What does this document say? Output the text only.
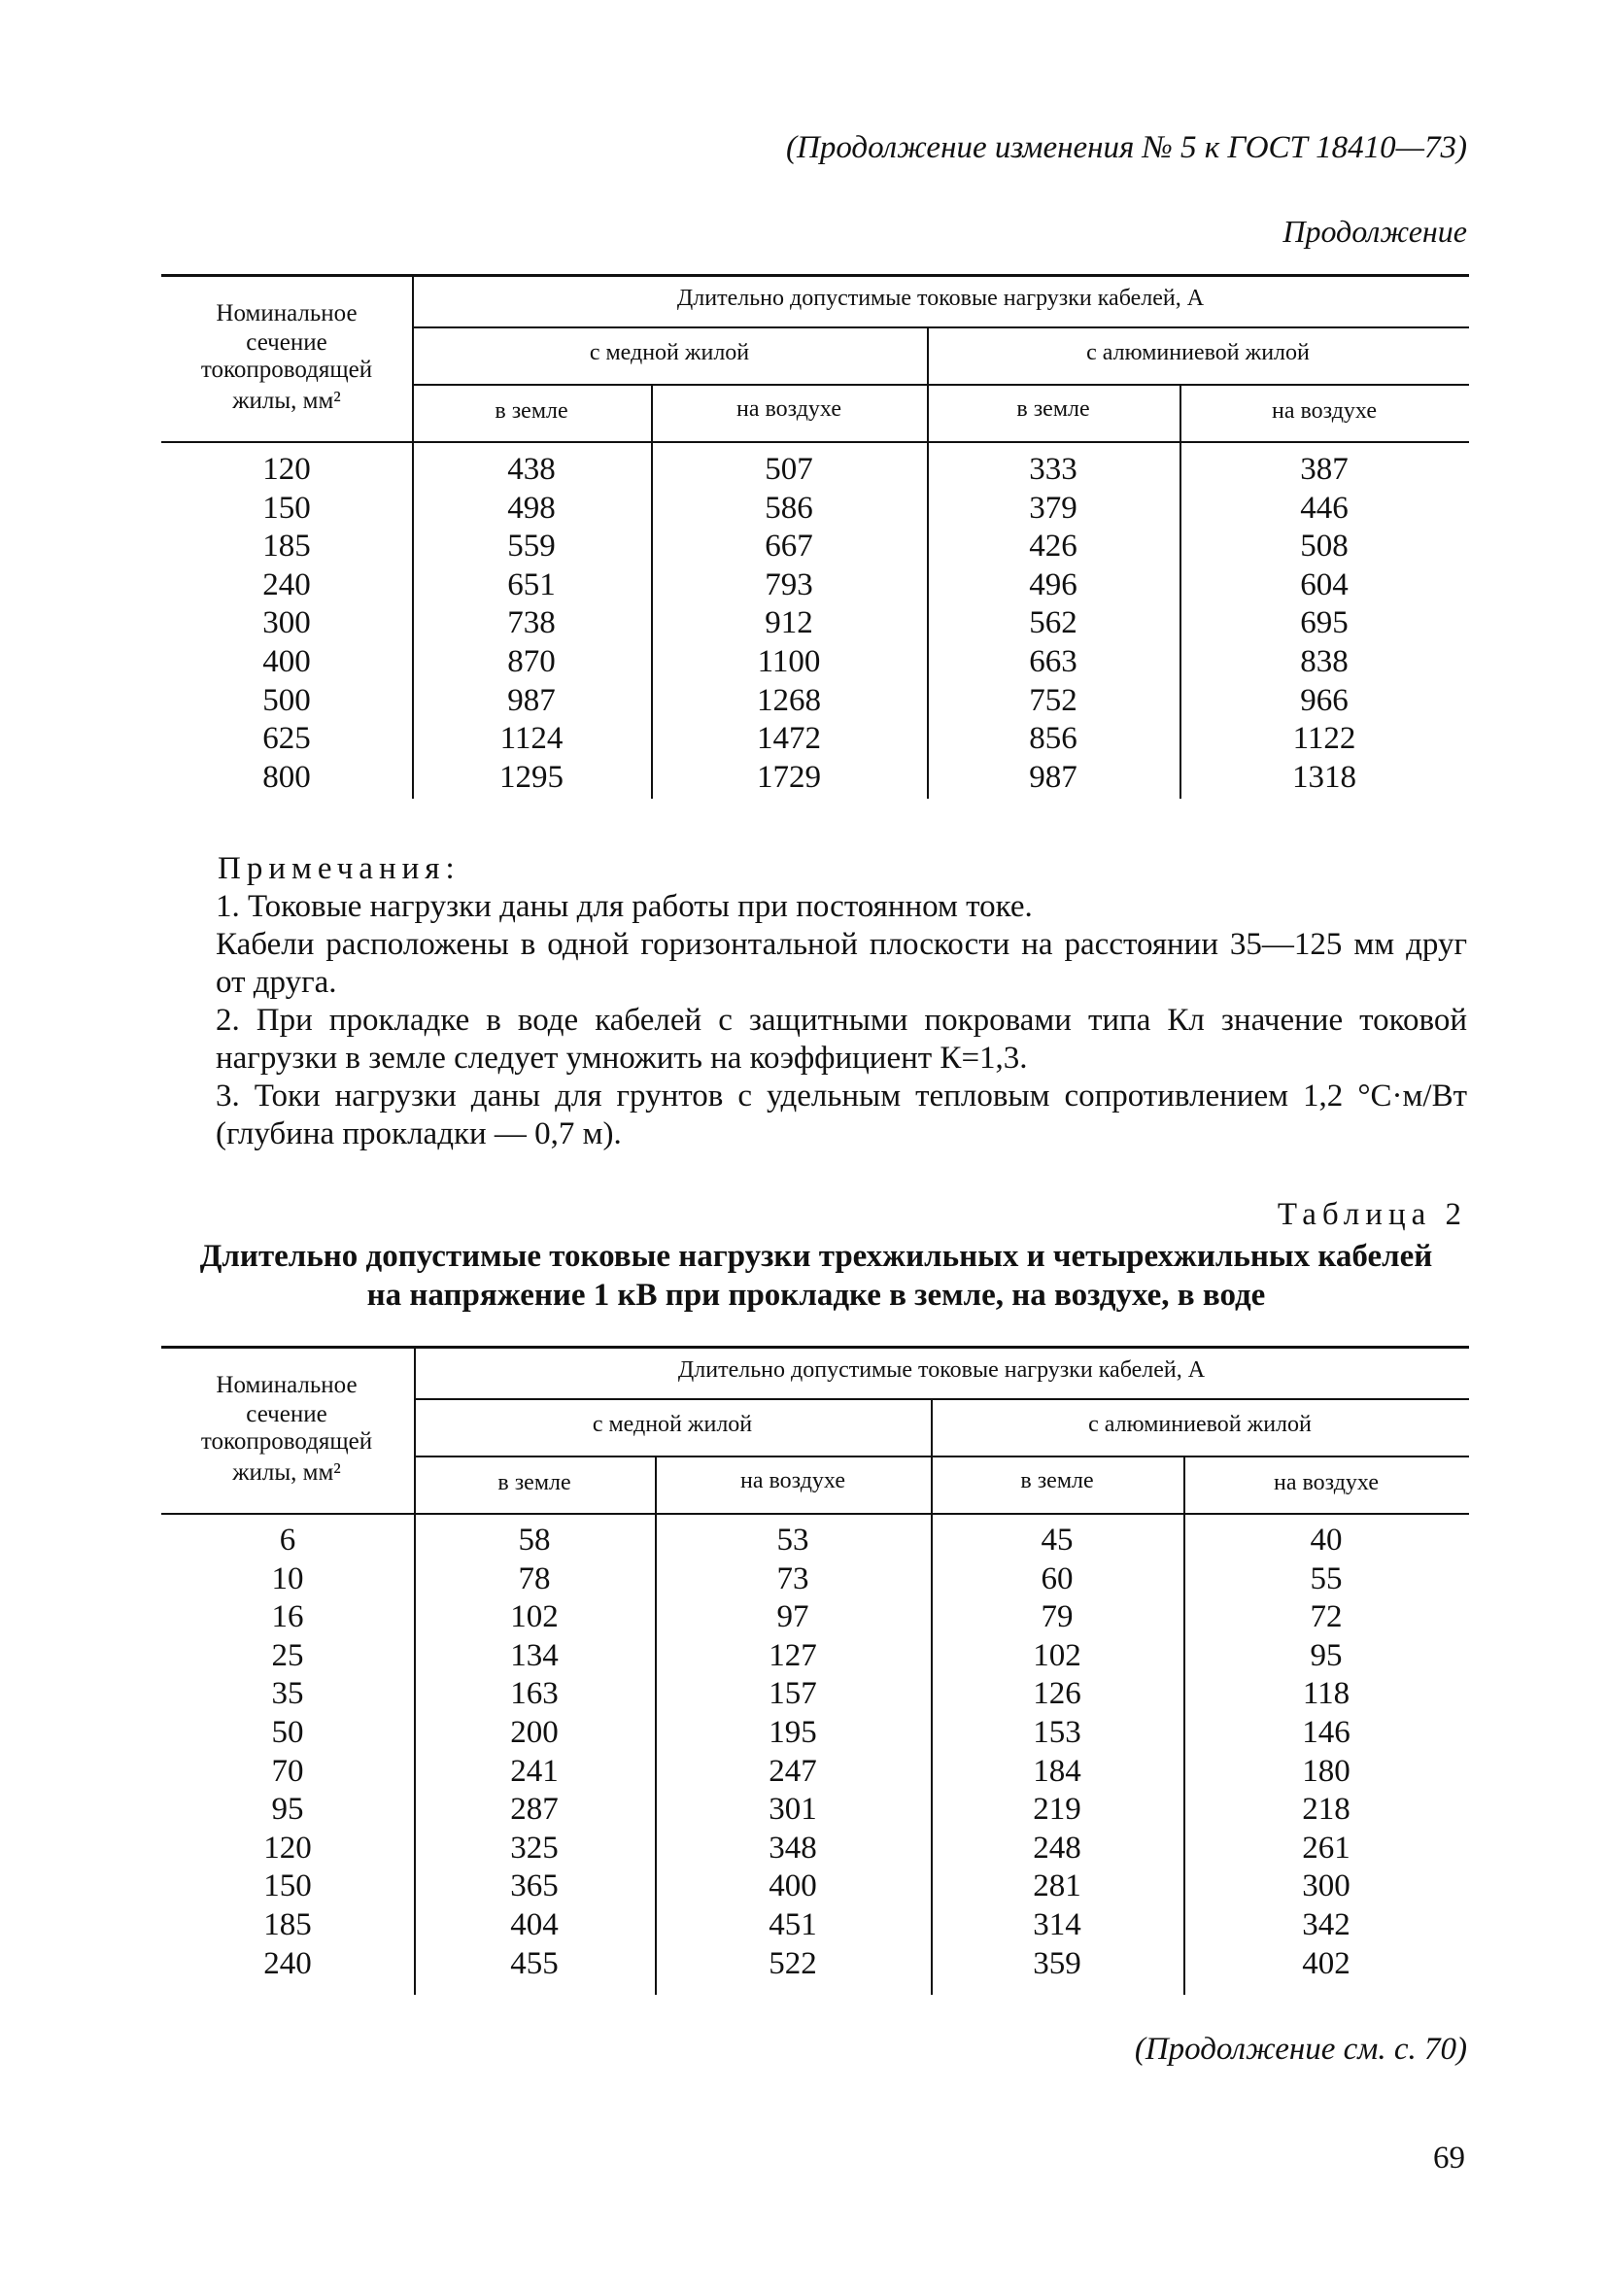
(Продолжение изменения № 5 к ГОСТ 18410—73)
Продолжение
Номинальное
сечение
токопроводящей
жилы, мм²
Длительно допустимые токовые нагрузки кабелей, А
с медной жилой	с алюминиевой жилой
в земле	на воздухе	в земле	на воздухе
120	438	507	333	387
150	498	586	379	446
185	559	667	426	508
240	651	793	496	604
300	738	912	562	695
400	870	1100	663	838
500	987	1268	752	966
625	1124	1472	856	1122
800	1295	1729	987	1318
Примечания:

1. Токовые нагрузки даны для работы при постоянном токе.

Кабели расположены в одной горизонтальной плоскости на расстоянии 35—125 мм друг от друга.

2. При прокладке в воде кабелей с защитными покровами типа Кл значение токовой нагрузки в земле следует умножить на коэффициент К=1,3.

3. Токи нагрузки даны для грунтов с удельным тепловым сопротивлением 1,2 °С·м/Вт (глубина прокладки — 0,7 м).

Таблица 2
Длительно допустимые токовые нагрузки трехжильных и четырехжильных кабелей
на напряжение 1 кВ при прокладке в земле, на воздухе, в воде
Номинальное
сечение
токопроводящей
жилы, мм²
Длительно допустимые токовые нагрузки кабелей, А
с медной жилой	с алюминиевой жилой
в земле	на воздухе	в земле	на воздухе
6	58	53	45	40
10	78	73	60	55
16	102	97	79	72
25	134	127	102	95
35	163	157	126	118
50	200	195	153	146
70	241	247	184	180
95	287	301	219	218
120	325	348	248	261
150	365	400	281	300
185	404	451	314	342
240	455	522	359	402
(Продолжение см. с. 70)
69
